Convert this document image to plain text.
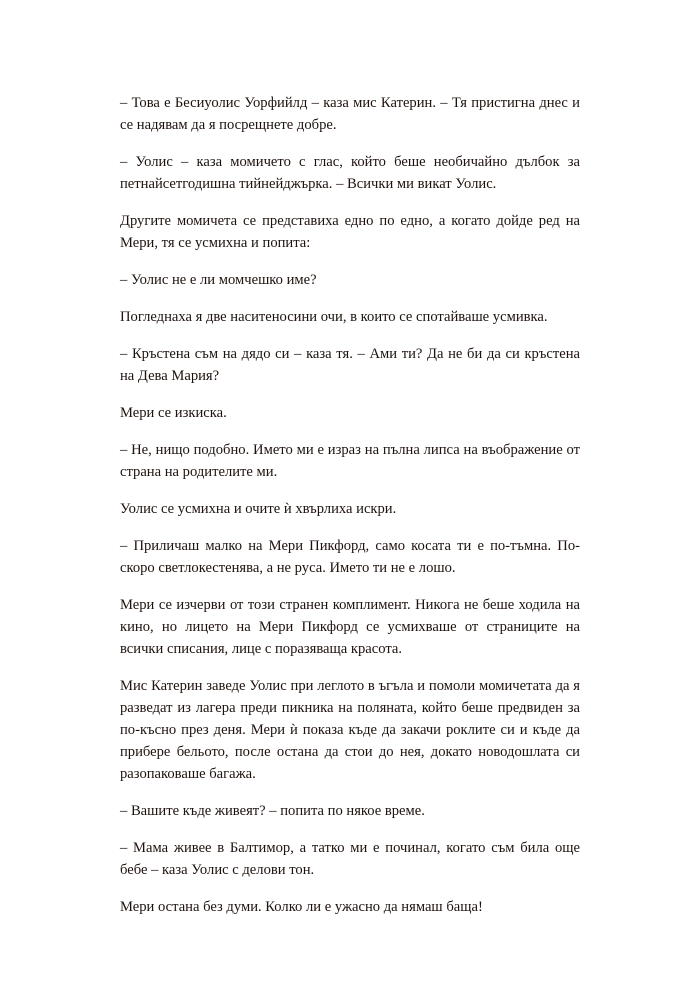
– Това е Бесиуолис Уорфийлд – каза мис Катерин. – Тя пристигна днес и се надявам да я посрещнете добре.

– Уолис – каза момичето с глас, който беше необичайно дълбок за петнайсетгодишна тийнейджърка. – Всички ми викат Уолис.

Другите момичета се представиха едно по едно, а когато дойде ред на Мери, тя се усмихна и попита:

– Уолис не е ли момчешко име?

Погледнаха я две наситеносини очи, в които се спотайваше усмивка.

– Кръстена съм на дядо си – каза тя. – Ами ти? Да не би да си кръстена на Дева Мария?

Мери се изкиска.

– Не, нищо подобно. Името ми е израз на пълна липса на въображение от страна на родителите ми.

Уолис се усмихна и очите ѝ хвърлиха искри.

– Приличаш малко на Мери Пикфорд, само косата ти е по-тъмна. По-скоро светлокестенява, а не руса. Името ти не е лошо.

Мери се изчерви от този странен комплимент. Никога не беше ходила на кино, но лицето на Мери Пикфорд се усмихваше от страниците на всички списания, лице с поразяваща красота.

Мис Катерин заведе Уолис при леглото в ъгъла и помоли момичетата да я разведат из лагера преди пикника на поляната, който беше предвиден за по-късно през деня. Мери ѝ показа къде да закачи роклите си и къде да прибере бельото, после остана да стои до нея, докато новодошлата си разопаковаше багажа.

– Вашите къде живеят? – попита по някое време.

– Мама живее в Балтимор, а татко ми е починал, когато съм била още бебе – каза Уолис с делови тон.

Мери остана без думи. Колко ли е ужасно да нямаш баща!
